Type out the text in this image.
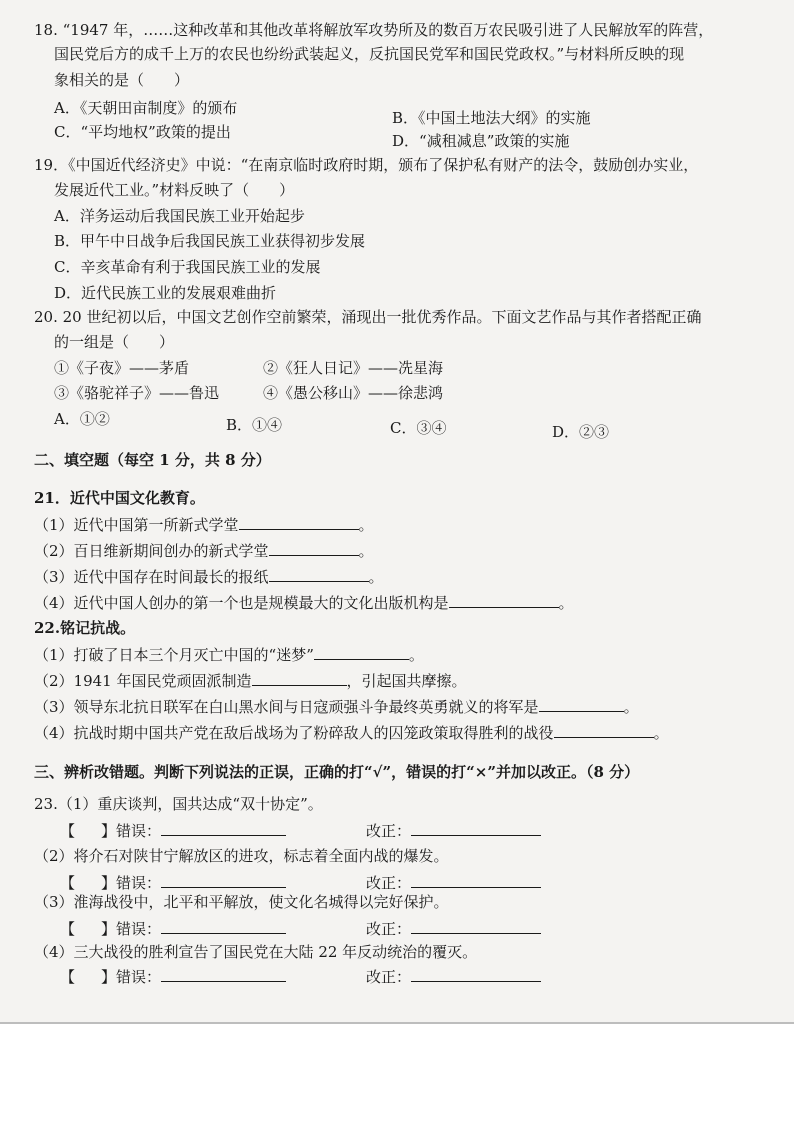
18. “1947 年，……这种改革和其他改革将解放军攻势所及的数百万农民吸引进了人民解放军的阵营，
国民党后方的成千上万的农民也纷纷武装起义，反抗国民党军和国民党政权。”与材料所反映的现
象相关的是（　　）
A．《天朝田亩制度》的颁布
B．《中国土地法大纲》的实施
C．“平均地权”政策的提出	D．“减租减息”政策的实施
19．《中国近代经济史》中说：“在南京临时政府时期，颁布了保护私有财产的法令，鼓励创办实业，
发展近代工业。”材料反映了（　　）
A．洋务运动后我国民族工业开始起步
B．甲午中日战争后我国民族工业获得初步发展
C．辛亥革命有利于我国民族工业的发展
D．近代民族工业的发展艰难曲折
20. 20 世纪初以后，中国文艺创作空前繁荣，涌现出一批优秀作品。下面文艺作品与其作者搭配正确
的一组是（　　）
①《子夜》——茅盾	②《狂人日记》——冼星海
③《骆驼祥子》——鲁迅	④《愚公移山》——徐悲鸿
A．①②	B．①④	C．③④	D．②③
二、填空题（每空 1 分，共 8 分）
21．近代中国文化教育。
（1）近代中国第一所新式学堂	。
（2）百日维新期间创办的新式学堂	。
（3）近代中国存在时间最长的报纸	。
（4）近代中国人创办的第一个也是规模最大的文化出版机构是	。
22.铭记抗战。
（1）打破了日本三个月灭亡中国的“迷梦”	。
（2）1941 年国民党顽固派制造	，引起国共摩擦。
（3）领导东北抗日联军在白山黑水间与日寇顽强斗争最终英勇就义的将军是	。
（4）抗战时期中国共产党在敌后战场为了粉碎敌人的囚笼政策取得胜利的战役	。
三、辨析改错题。判断下列说法的正误，正确的打“√”，错误的打“×”并加以改正。（8 分）
23.（1）重庆谈判，国共达成“双十协定”。
【 】错误：	改正：
（2）将介石对陕甘宁解放区的进攻，标志着全面内战的爆发。
【 】错误：	改正：
（3）淮海战役中，北平和平解放，使文化名城得以完好保护。
【 】错误：	改正：
（4）三大战役的胜利宣告了国民党在大陆 22 年反动统治的覆灭。
【 】错误：	改正：
